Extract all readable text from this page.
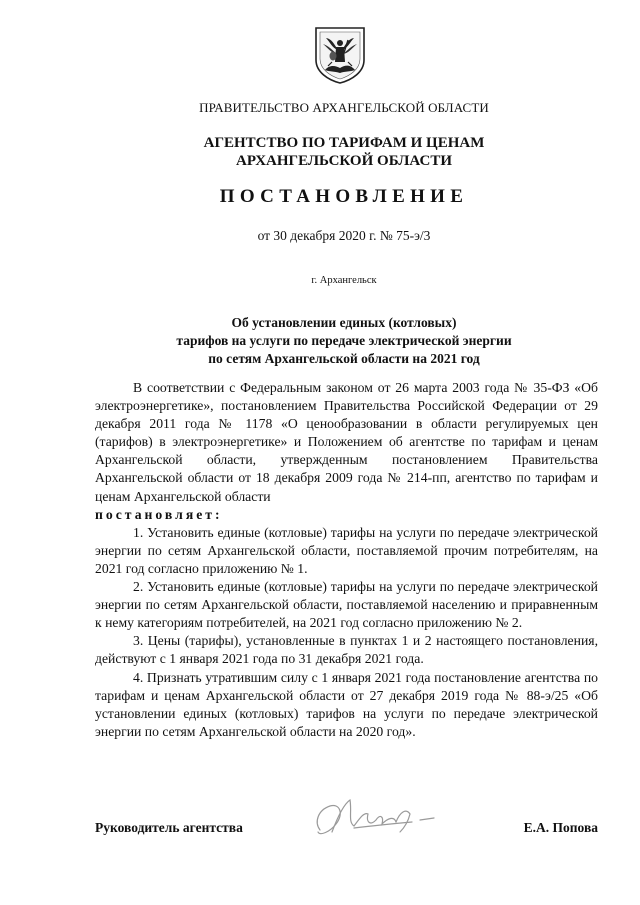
ПРАВИТЕЛЬСТВО АРХАНГЕЛЬСКОЙ ОБЛАСТИ
АГЕНТСТВО ПО ТАРИФАМ И ЦЕНАМ
АРХАНГЕЛЬСКОЙ ОБЛАСТИ
ПОСТАНОВЛЕНИЕ
от 30 декабря 2020 г. № 75-э/3
г. Архангельск
Об установлении единых (котловых)
тарифов на услуги по передаче электрической энергии
по сетям Архангельской области на 2021 год

В соответствии с Федеральным законом от 26 марта 2003 года № 35-ФЗ «Об электроэнергетике», постановлением Правительства Российской Федерации от 29 декабря 2011 года № 1178 «О ценообразовании в области регулируемых цен (тарифов) в электроэнергетике» и Положением об агентстве по тарифам и ценам Архангельской области, утвержденным постановлением Правительства Архангельской области от 18 декабря 2009 года № 214-пп, агентство по тарифам и ценам Архангельской области

постановляет:

1. Установить единые (котловые) тарифы на услуги по передаче электрической энергии по сетям Архангельской области, поставляемой прочим потребителям, на 2021 год согласно приложению № 1.

2. Установить единые (котловые) тарифы на услуги по передаче электрической энергии по сетям Архангельской области, поставляемой населению и приравненным к нему категориям потребителей, на 2021 год согласно приложению № 2.

3. Цены (тарифы), установленные в пунктах 1 и 2 настоящего постановления, действуют с 1 января 2021 года по 31 декабря 2021 года.

4. Признать утратившим силу с 1 января 2021 года постановление агентства по тарифам и ценам Архангельской области от 27 декабря 2019 года № 88-э/25 «Об установлении единых (котловых) тарифов на услуги по передаче электрической энергии по сетям Архангельской области на 2020 год».

Руководитель агентства	Е.А. Попова
